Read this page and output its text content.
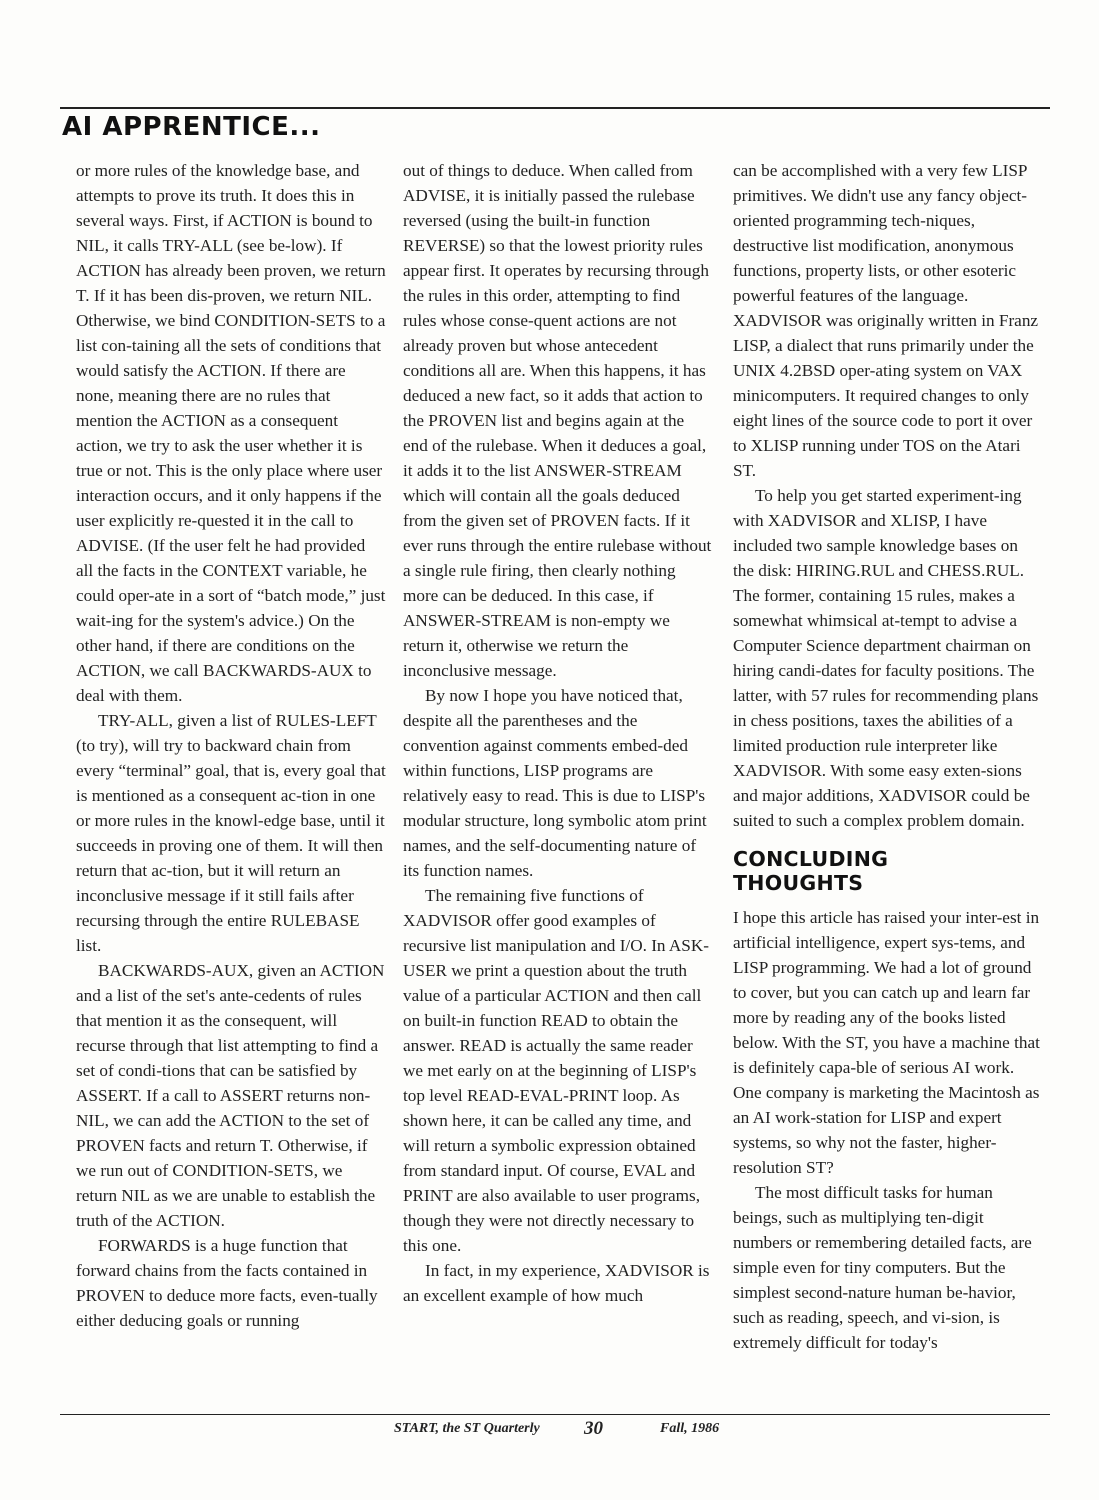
AI APPRENTICE...

or more rules of the knowledge base, and attempts to prove its truth. It does this in several ways. First, if ACTION is bound to NIL, it calls TRY-ALL (see be-low). If ACTION has already been proven, we return T. If it has been dis-proven, we return NIL. Otherwise, we bind CONDITION-SETS to a list con-taining all the sets of conditions that would satisfy the ACTION. If there are none, meaning there are no rules that mention the ACTION as a consequent action, we try to ask the user whether it is true or not. This is the only place where user interaction occurs, and it only happens if the user explicitly re-quested it in the call to ADVISE. (If the user felt he had provided all the facts in the CONTEXT variable, he could oper-ate in a sort of “batch mode,” just wait-ing for the system's advice.) On the other hand, if there are conditions on the ACTION, we call BACKWARDS-AUX to deal with them.

TRY-ALL, given a list of RULES-LEFT (to try), will try to backward chain from every “terminal” goal, that is, every goal that is mentioned as a consequent ac-tion in one or more rules in the knowl-edge base, until it succeeds in proving one of them. It will then return that ac-tion, but it will return an inconclusive message if it still fails after recursing through the entire RULEBASE list.

BACKWARDS-AUX, given an ACTION and a list of the set's ante-cedents of rules that mention it as the consequent, will recurse through that list attempting to find a set of condi-tions that can be satisfied by ASSERT. If a call to ASSERT returns non-NIL, we can add the ACTION to the set of PROVEN facts and return T. Otherwise, if we run out of CONDITION-SETS, we return NIL as we are unable to establish the truth of the ACTION.

FORWARDS is a huge function that forward chains from the facts contained in PROVEN to deduce more facts, even-tually either deducing goals or running

out of things to deduce. When called from ADVISE, it is initially passed the rulebase reversed (using the built-in function REVERSE) so that the lowest priority rules appear first. It operates by recursing through the rules in this order, attempting to find rules whose conse-quent actions are not already proven but whose antecedent conditions all are. When this happens, it has deduced a new fact, so it adds that action to the PROVEN list and begins again at the end of the rulebase. When it deduces a goal, it adds it to the list ANSWER-STREAM which will contain all the goals deduced from the given set of PROVEN facts. If it ever runs through the entire rulebase without a single rule firing, then clearly nothing more can be deduced. In this case, if ANSWER-STREAM is non-empty we return it, otherwise we return the inconclusive message.

By now I hope you have noticed that, despite all the parentheses and the convention against comments embed-ded within functions, LISP programs are relatively easy to read. This is due to LISP's modular structure, long symbolic atom print names, and the self-documenting nature of its function names.

The remaining five functions of XADVISOR offer good examples of recursive list manipulation and I/O. In ASK-USER we print a question about the truth value of a particular ACTION and then call on built-in function READ to obtain the answer. READ is actually the same reader we met early on at the beginning of LISP's top level READ-EVAL-PRINT loop. As shown here, it can be called any time, and will return a symbolic expression obtained from standard input. Of course, EVAL and PRINT are also available to user programs, though they were not directly necessary to this one.

In fact, in my experience, XADVISOR is an excellent example of how much

can be accomplished with a very few LISP primitives. We didn't use any fancy object-oriented programming tech-niques, destructive list modification, anonymous functions, property lists, or other esoteric powerful features of the language. XADVISOR was originally written in Franz LISP, a dialect that runs primarily under the UNIX 4.2BSD oper-ating system on VAX minicomputers. It required changes to only eight lines of the source code to port it over to XLISP running under TOS on the Atari ST.

To help you get started experiment-ing with XADVISOR and XLISP, I have included two sample knowledge bases on the disk: HIRING.RUL and CHESS.RUL. The former, containing 15 rules, makes a somewhat whimsical at-tempt to advise a Computer Science department chairman on hiring candi-dates for faculty positions. The latter, with 57 rules for recommending plans in chess positions, taxes the abilities of a limited production rule interpreter like XADVISOR. With some easy exten-sions and major additions, XADVISOR could be suited to such a complex problem domain.

CONCLUDING
THOUGHTS

I hope this article has raised your inter-est in artificial intelligence, expert sys-tems, and LISP programming. We had a lot of ground to cover, but you can catch up and learn far more by reading any of the books listed below. With the ST, you have a machine that is definitely capa-ble of serious AI work. One company is marketing the Macintosh as an AI work-station for LISP and expert systems, so why not the faster, higher-resolution ST?

The most difficult tasks for human beings, such as multiplying ten-digit numbers or remembering detailed facts, are simple even for tiny computers. But the simplest second-nature human be-havior, such as reading, speech, and vi-sion, is extremely difficult for today's

START, the ST Quarterly 30	Fall, 1986
